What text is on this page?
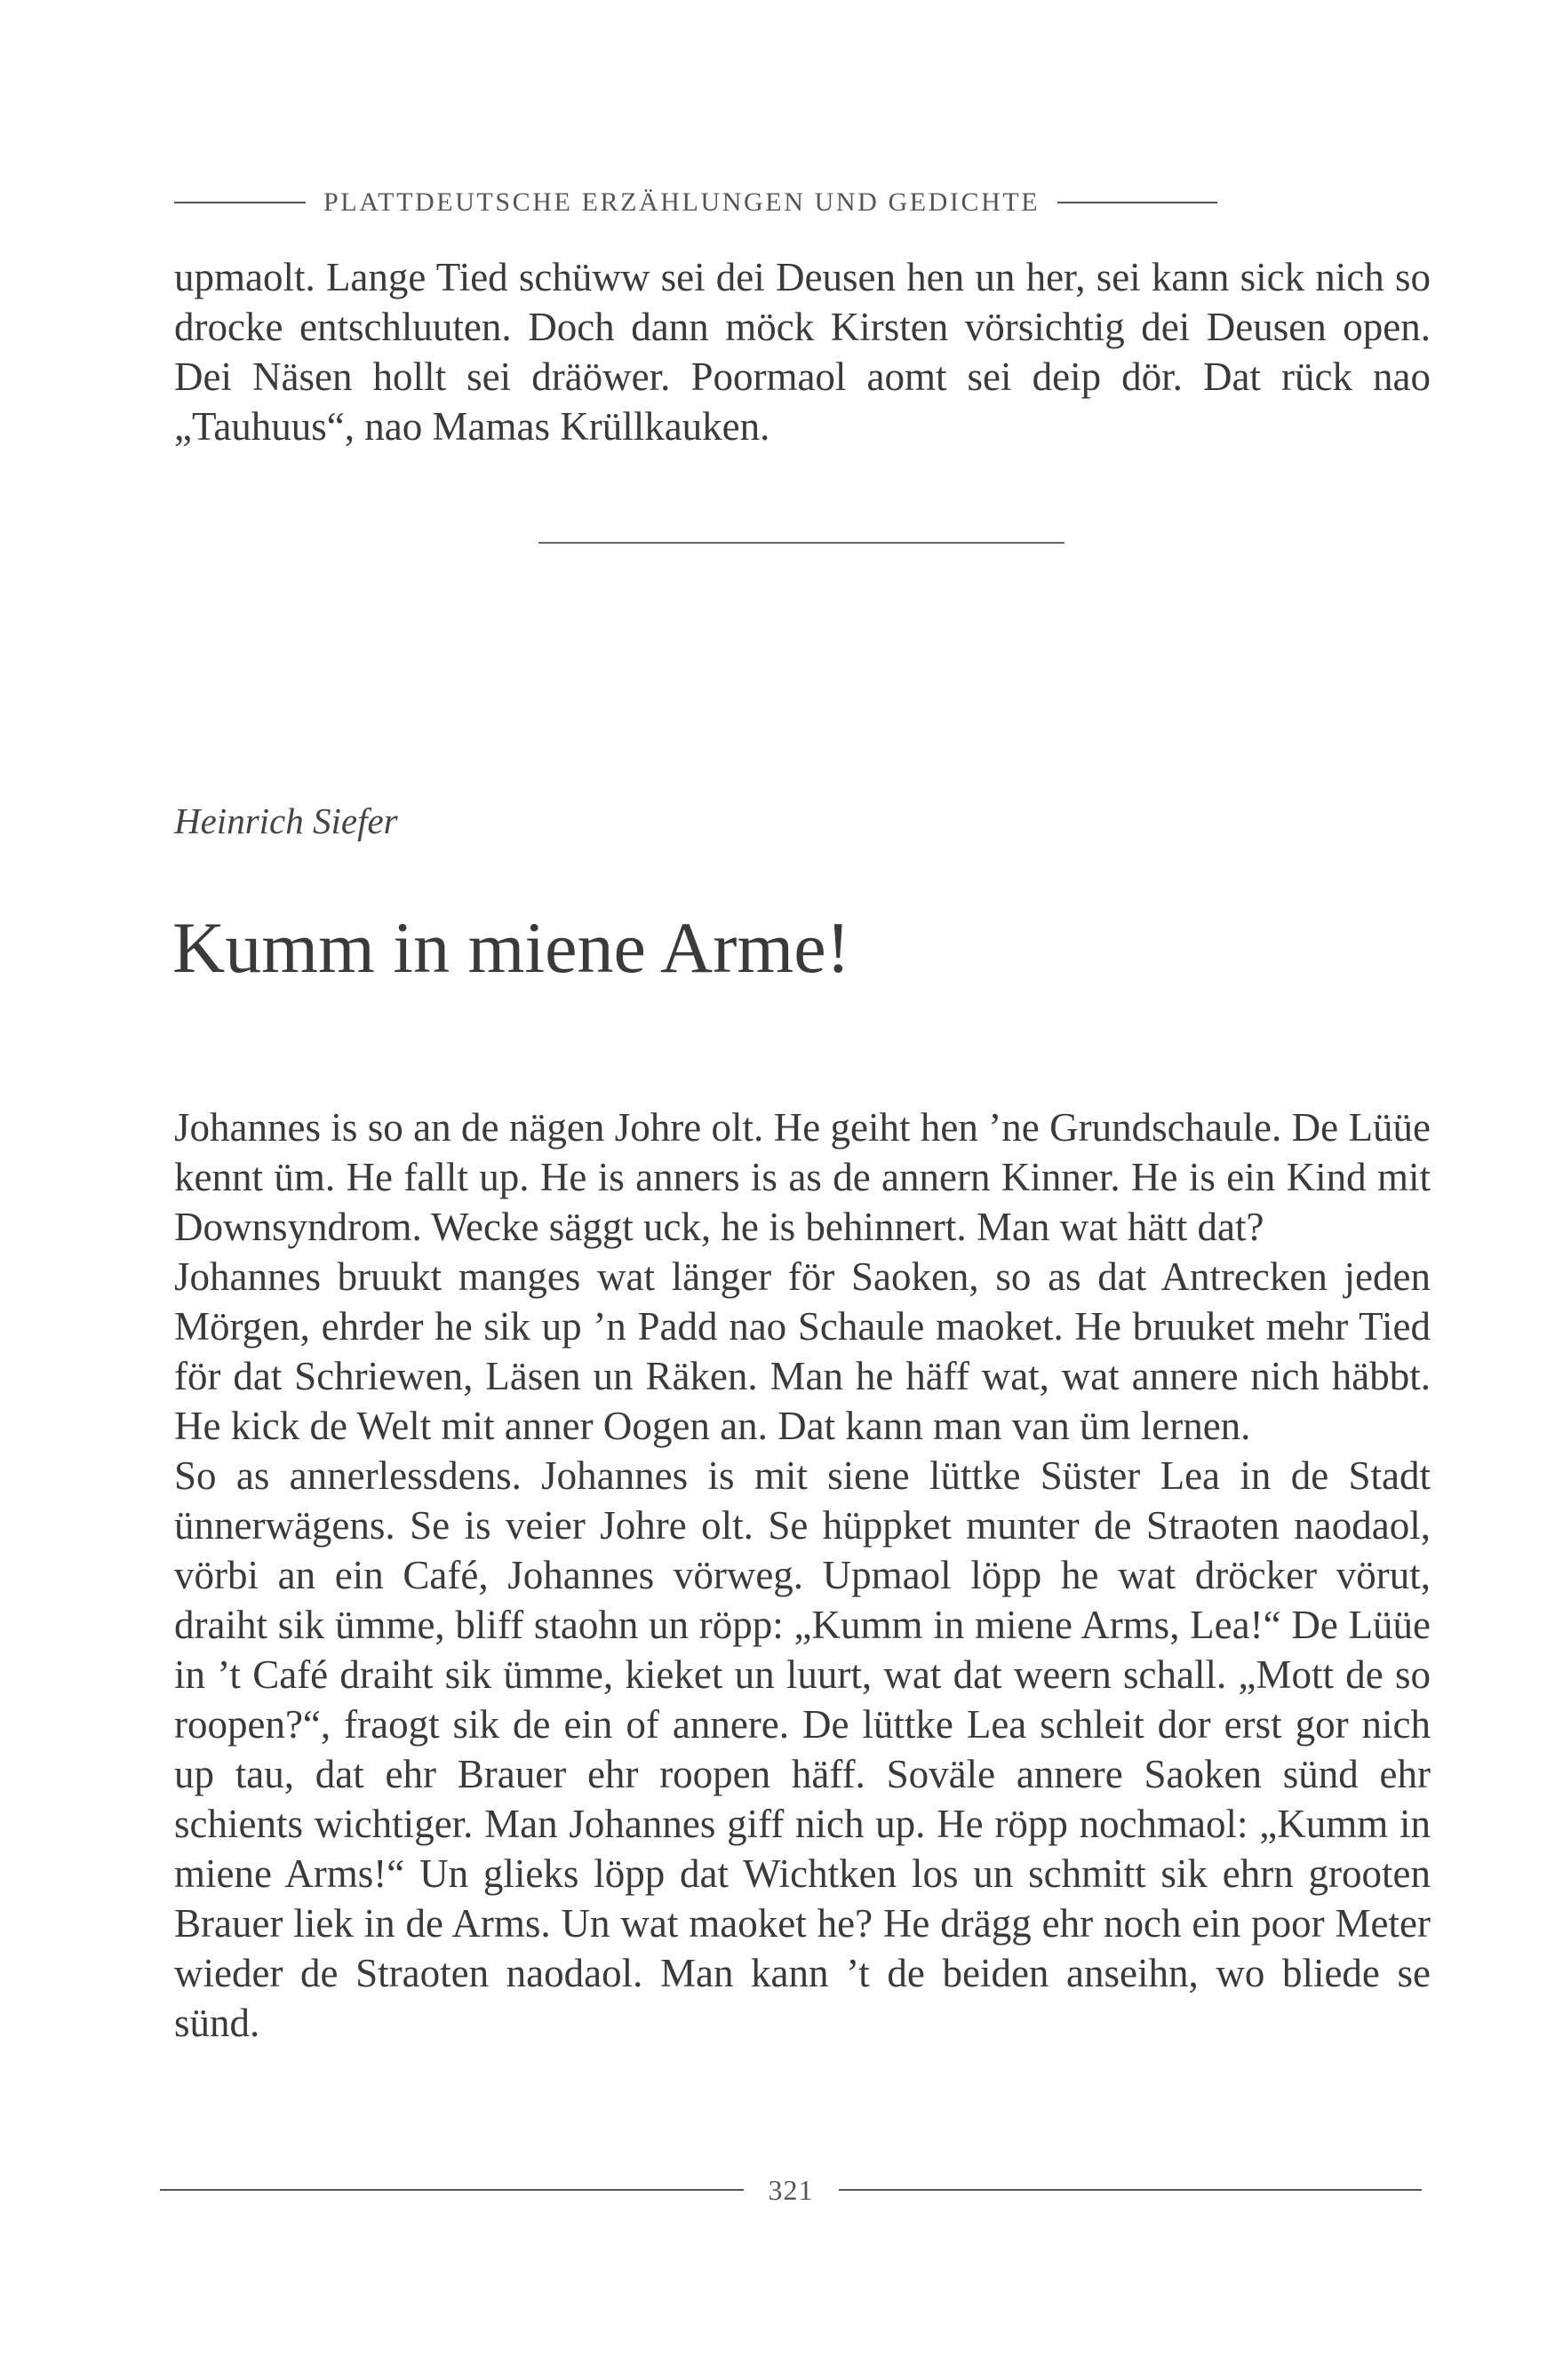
PLATTDEUTSCHE ERZÄHLUNGEN UND GEDICHTE

upmaolt. Lange Tied schüww sei dei Deusen hen un her, sei kann sick nich so drocke entschluuten. Doch dann möck Kirsten vörsichtig dei Deusen open. Dei Näsen hollt sei dräöwer. Poormaol aomt sei deip dör. Dat rück nao „Tauhuus“, nao Mamas Krüllkauken.

Heinrich Siefer
Kumm in miene Arme!

Johannes is so an de nägen Johre olt. He geiht hen ’ne Grundschaule. De Lüüe kennt üm. He fallt up. He is anners is as de annern Kinner. He is ein Kind mit Downsyndrom. Wecke säggt uck, he is behinnert. Man wat hätt dat?

Johannes bruukt manges wat länger för Saoken, so as dat Antrecken jeden Mörgen, ehrder he sik up ’n Padd nao Schaule maoket. He bruuket mehr Tied för dat Schriewen, Läsen un Räken. Man he häff wat, wat annere nich häbbt. He kick de Welt mit anner Oogen an. Dat kann man van üm lernen.

So as annerlessdens. Johannes is mit siene lüttke Süster Lea in de Stadt ünnerwägens. Se is veier Johre olt. Se hüppket munter de Straoten naodaol, vörbi an ein Café, Johannes vörweg. Upmaol löpp he wat dröcker vörut, draiht sik ümme, bliff staohn un röpp: „Kumm in miene Arms, Lea!“ De Lüüe in ’t Café draiht sik ümme, kieket un luurt, wat dat weern schall. „Mott de so roopen?“, fraogt sik de ein of annere. De lüttke Lea schleit dor erst gor nich up tau, dat ehr Brauer ehr roopen häff. Soväle annere Saoken sünd ehr schients wichtiger. Man Johannes giff nich up. He röpp nochmaol: „Kumm in miene Arms!“ Un glieks löpp dat Wichtken los un schmitt sik ehrn grooten Brauer liek in de Arms. Un wat maoket he? He drägg ehr noch ein poor Meter wieder de Straoten naodaol. Man kann ’t de beiden anseihn, wo bliede se sünd.

321
